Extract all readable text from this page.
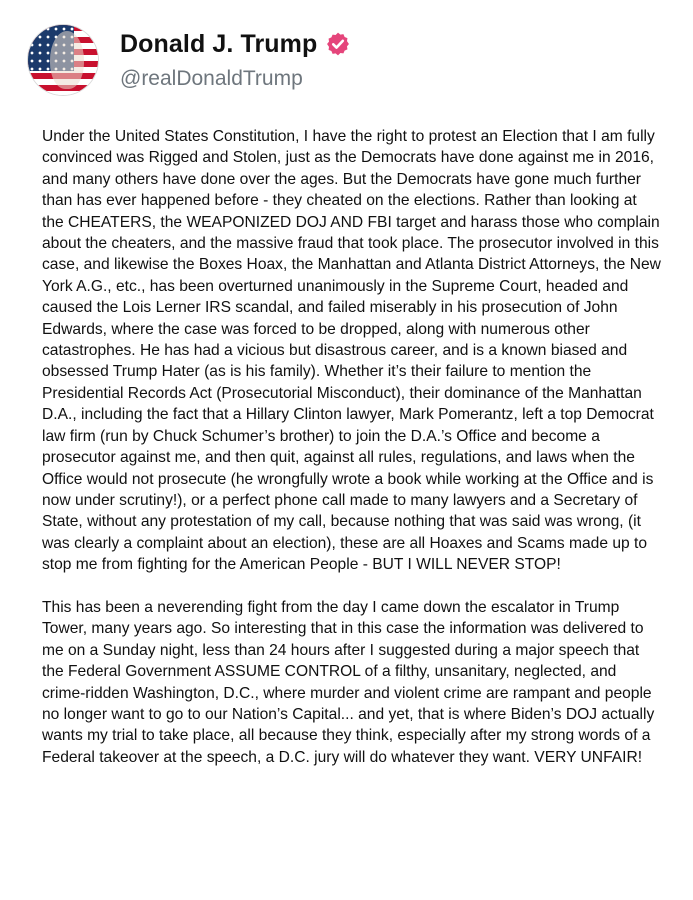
Donald J. Trump
@realDonaldTrump

Under the United States Constitution, I have the right to protest an Election that I am fully convinced was Rigged and Stolen, just as the Democrats have done against me in 2016, and many others have done over the ages. But the Democrats have gone much further than has ever happened before - they cheated on the elections. Rather than looking at the CHEATERS, the WEAPONIZED DOJ AND FBI target and harass those who complain about the cheaters, and the massive fraud that took place. The prosecutor involved in this case, and likewise the Boxes Hoax, the Manhattan and Atlanta District Attorneys, the New York A.G., etc., has been overturned unanimously in the Supreme Court, headed and caused the Lois Lerner IRS scandal, and failed miserably in his prosecution of John Edwards, where the case was forced to be dropped, along with numerous other catastrophes. He has had a vicious but disastrous career, and is a known biased and obsessed Trump Hater (as is his family). Whether it’s their failure to mention the Presidential Records Act (Prosecutorial Misconduct), their dominance of the Manhattan D.A., including the fact that a Hillary Clinton lawyer, Mark Pomerantz, left a top Democrat law firm (run by Chuck Schumer’s brother) to join the D.A.’s Office and become a prosecutor against me, and then quit, against all rules, regulations, and laws when the Office would not prosecute (he wrongfully wrote a book while working at the Office and is now under scrutiny!), or a perfect phone call made to many lawyers and a Secretary of State, without any protestation of my call, because nothing that was said was wrong, (it was clearly a complaint about an election), these are all Hoaxes and Scams made up to stop me from fighting for the American People - BUT I WILL NEVER STOP!

This has been a neverending fight from the day I came down the escalator in Trump Tower, many years ago. So interesting that in this case the information was delivered to me on a Sunday night, less than 24 hours after I suggested during a major speech that the Federal Government ASSUME CONTROL of a filthy, unsanitary, neglected, and crime-ridden Washington, D.C., where murder and violent crime are rampant and people no longer want to go to our Nation’s Capital... and yet, that is where Biden’s DOJ actually wants my trial to take place, all because they think, especially after my strong words of a Federal takeover at the speech, a D.C. jury will do whatever they want. VERY UNFAIR!
